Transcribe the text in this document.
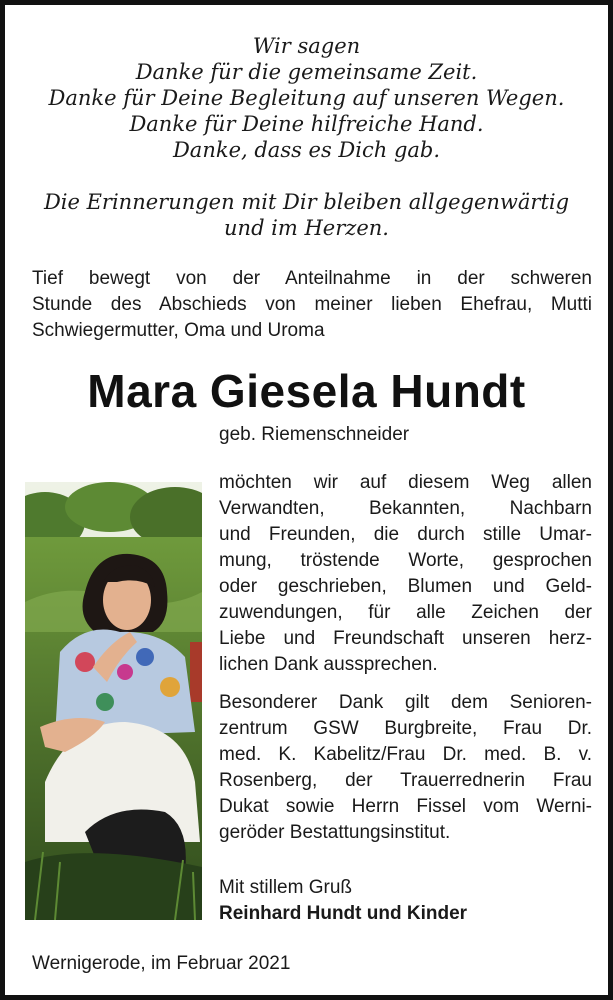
Wir sagen
Danke für die gemeinsame Zeit.
Danke für Deine Begleitung auf unseren Wegen.
Danke für Deine hilfreiche Hand.
Danke, dass es Dich gab.
Die Erinnerungen mit Dir bleiben allgegenwärtig
und im Herzen.
Tief bewegt von der Anteilnahme in der schweren
Stunde des Abschieds von meiner lieben Ehefrau, Mutti
Schwiegermutter, Oma und Uroma
Mara Giesela Hundt
geb. Riemenschneider
möchten wir auf diesem Weg allen
Verwandten, Bekannten, Nachbarn
und Freunden, die durch stille Umar-
mung, tröstende Worte, gesprochen
oder geschrieben, Blumen und Geld-
zuwendungen, für alle Zeichen der
Liebe und Freundschaft unseren herz-
lichen Dank aussprechen.
Besonderer Dank gilt dem Senioren-
zentrum GSW Burgbreite, Frau Dr.
med. K. Kabelitz/Frau Dr. med. B. v.
Rosenberg, der Trauerrednerin Frau
Dukat sowie Herrn Fissel vom Werni-
geröder Bestattungsinstitut.
Mit stillem Gruß
Reinhard Hundt und Kinder
Wernigerode, im Februar 2021
